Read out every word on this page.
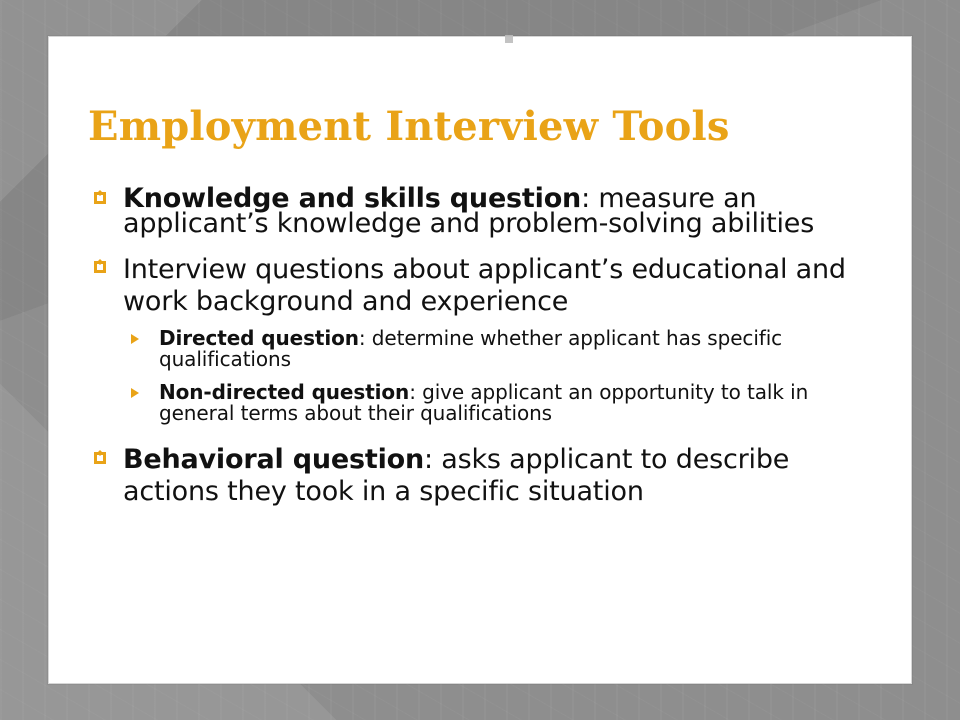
Employment Interview Tools
Knowledge and skills question: measure an applicant’s knowledge and problem-solving abilities
Interview questions about applicant’s educational and work background and experience
Directed question: determine whether applicant has specific qualifications
Non-directed question: give applicant an opportunity to talk in general terms about their qualifications
Behavioral question: asks applicant to describe actions they took in a specific situation
